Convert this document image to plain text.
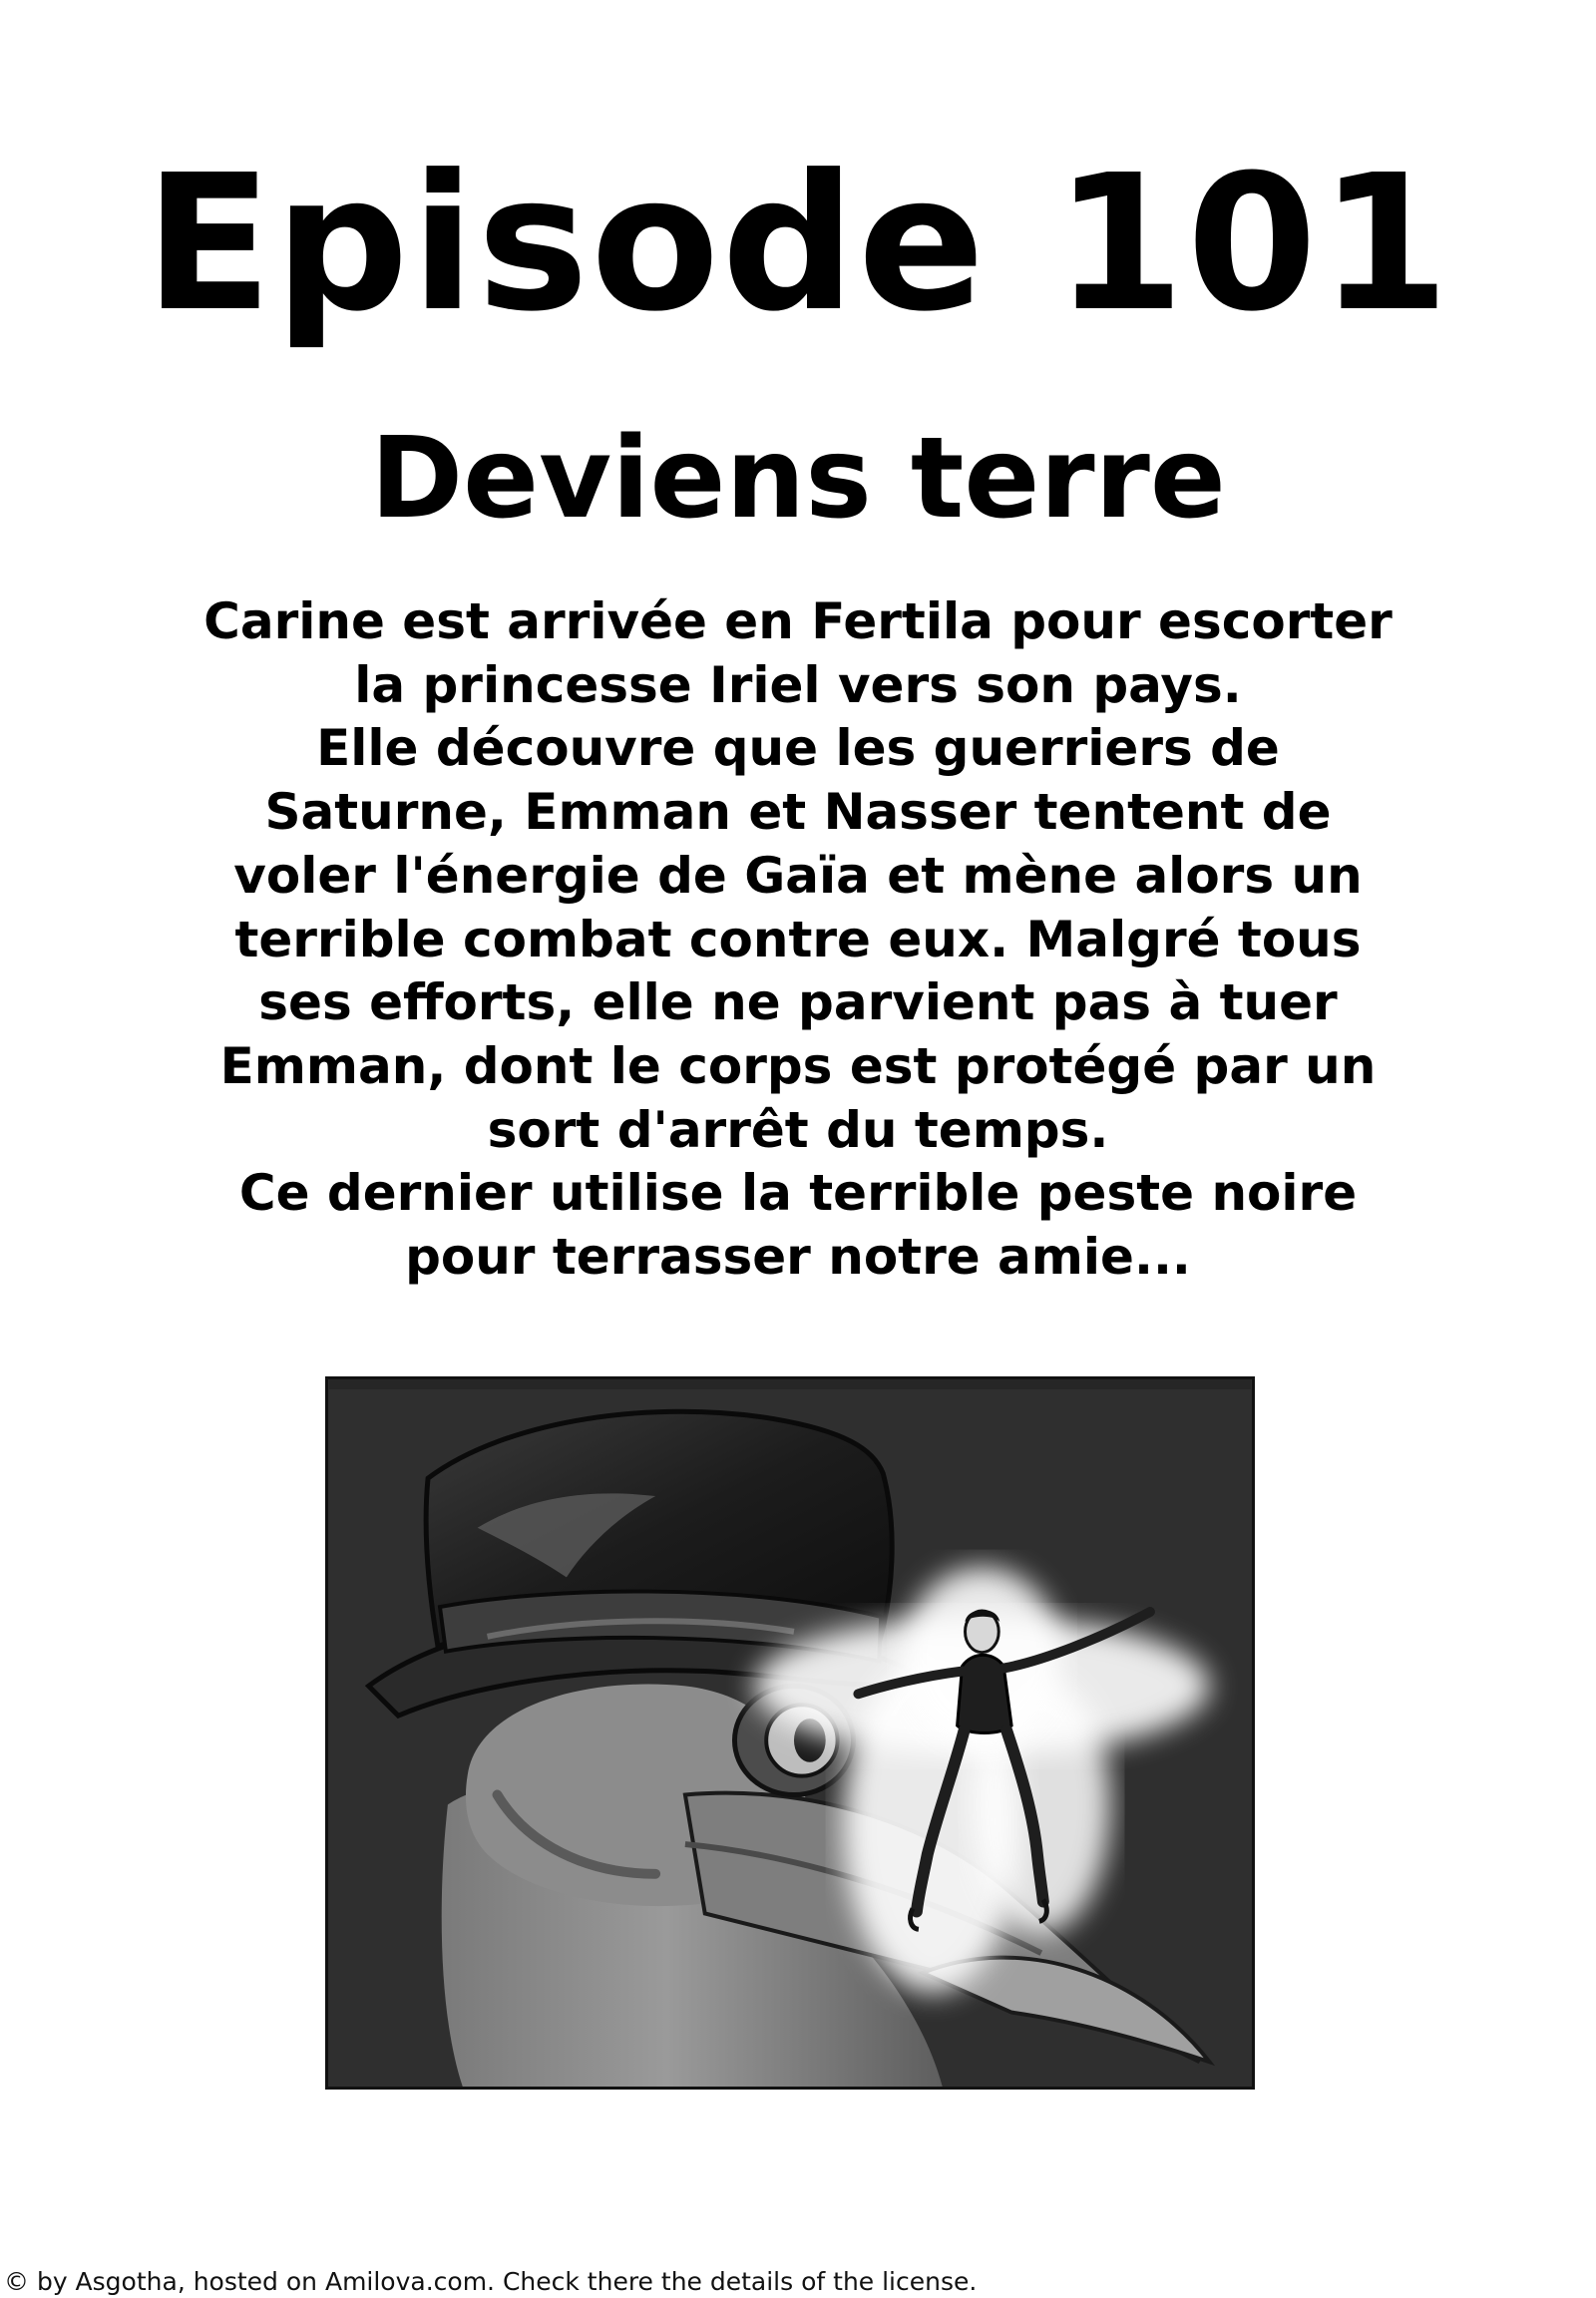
Episode 101
Deviens terre
Carine est arrivée en Fertila pour escorter
la princesse Iriel vers son pays.
Elle découvre que les guerriers de
Saturne, Emman et Nasser tentent de
voler l'énergie de Gaïa et mène alors un
terrible combat contre eux. Malgré tous
ses efforts, elle ne parvient pas à tuer
Emman, dont le corps est protégé par un
sort d'arrêt du temps.
Ce dernier utilise la terrible peste noire
pour terrasser notre amie...
© by Asgotha, hosted on Amilova.com. Check there the details of the license.
